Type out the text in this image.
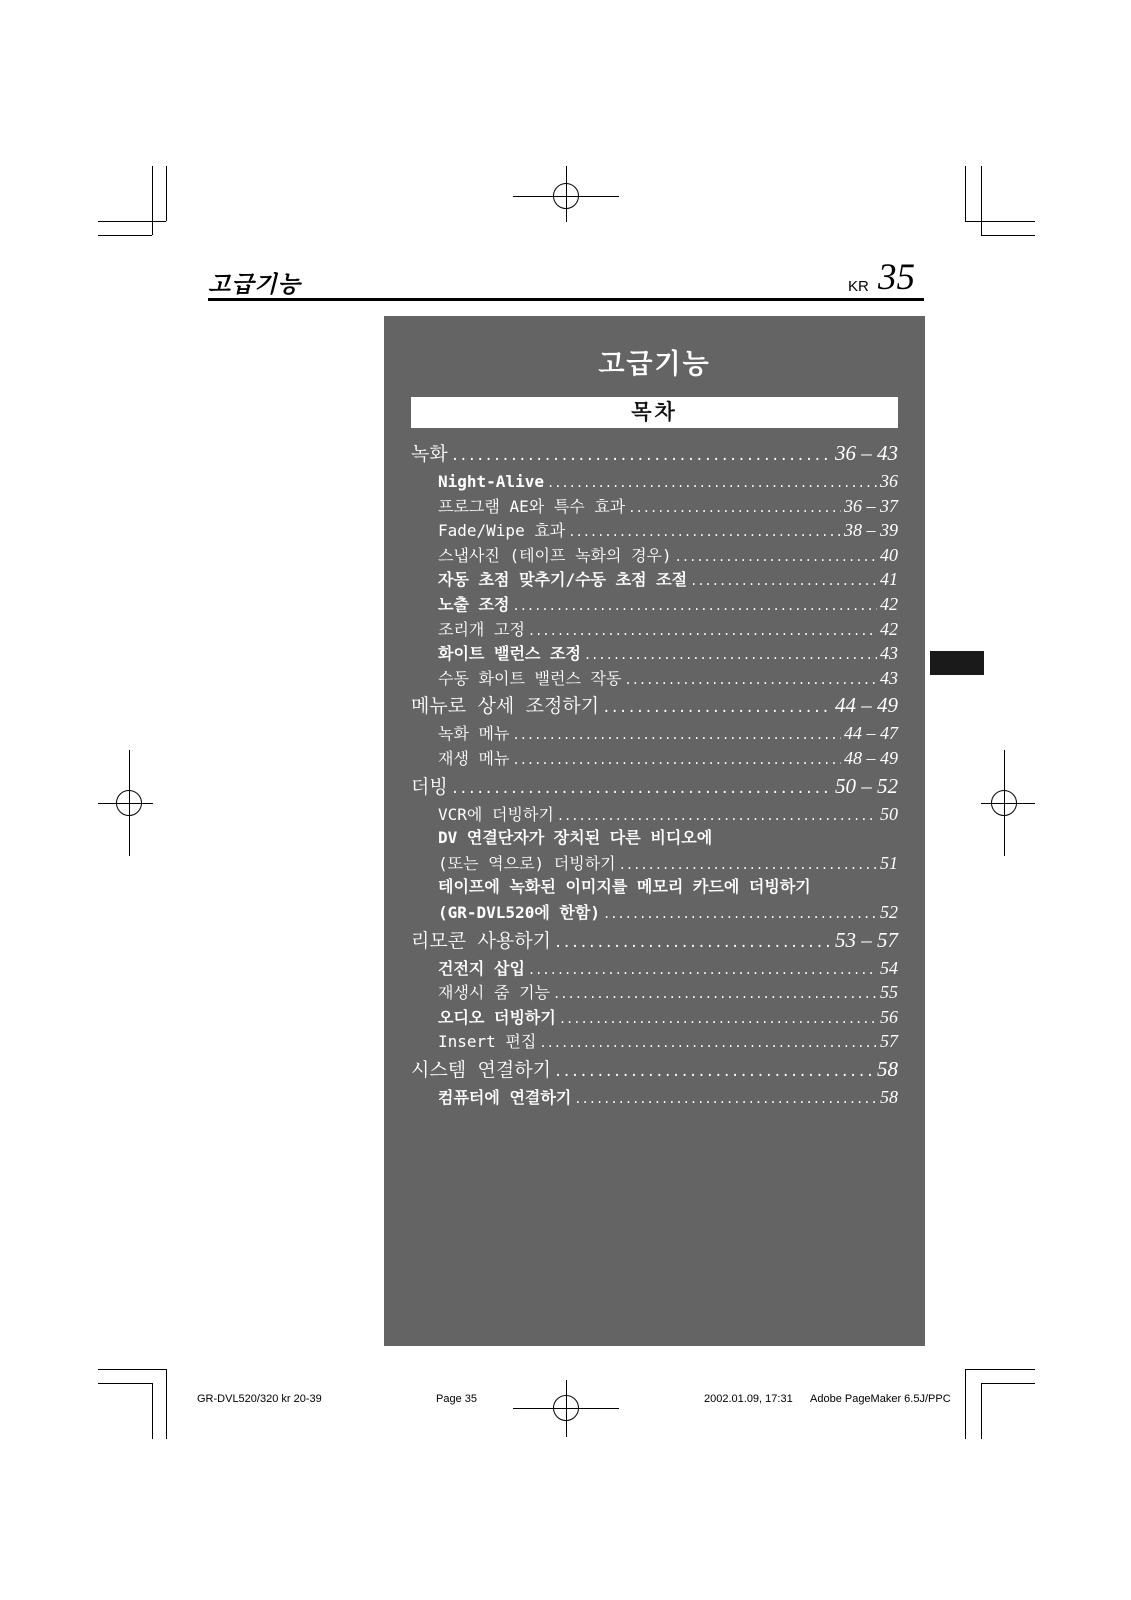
고급기능	KR 35
고급기능
목차
녹화 .....	36 – 43
Night-Alive .....	36
프로그램 AE와 특수 효과 .....	36 – 37
Fade/Wipe 효과 .....	38 – 39
스냅사진 (테이프 녹화의 경우) .....	40
자동 초점 맞추기/수동 초점 조절 .....	41
노출 조정 .....	42
조리개 고정 .....	42
화이트 밸런스 조정 .....	43
수동 화이트 밸런스 작동 .....	43
메뉴로 상세 조정하기 .....	44 – 49
녹화 메뉴 .....	44 – 47
재생 메뉴 .....	48 – 49
더빙 .....	50 – 52
VCR에 더빙하기 .....	50
DV 연결단자가 장치된 다른 비디오에
(또는 역으로) 더빙하기 .....	51
테이프에 녹화된 이미지를 메모리 카드에 더빙하기
(GR-DVL520에 한함) .....	52
리모콘 사용하기 .....	53 – 57
건전지 삽입 .....	54
재생시 줌 기능 .....	55
오디오 더빙하기 .....	56
Insert 편집 .....	57
시스템 연결하기 .....	58
컴퓨터에 연결하기 .....	58
GR-DVL520/320 kr 20-39	Page 35	2002.01.09, 17:31 Adobe PageMaker 6.5J/PPC
